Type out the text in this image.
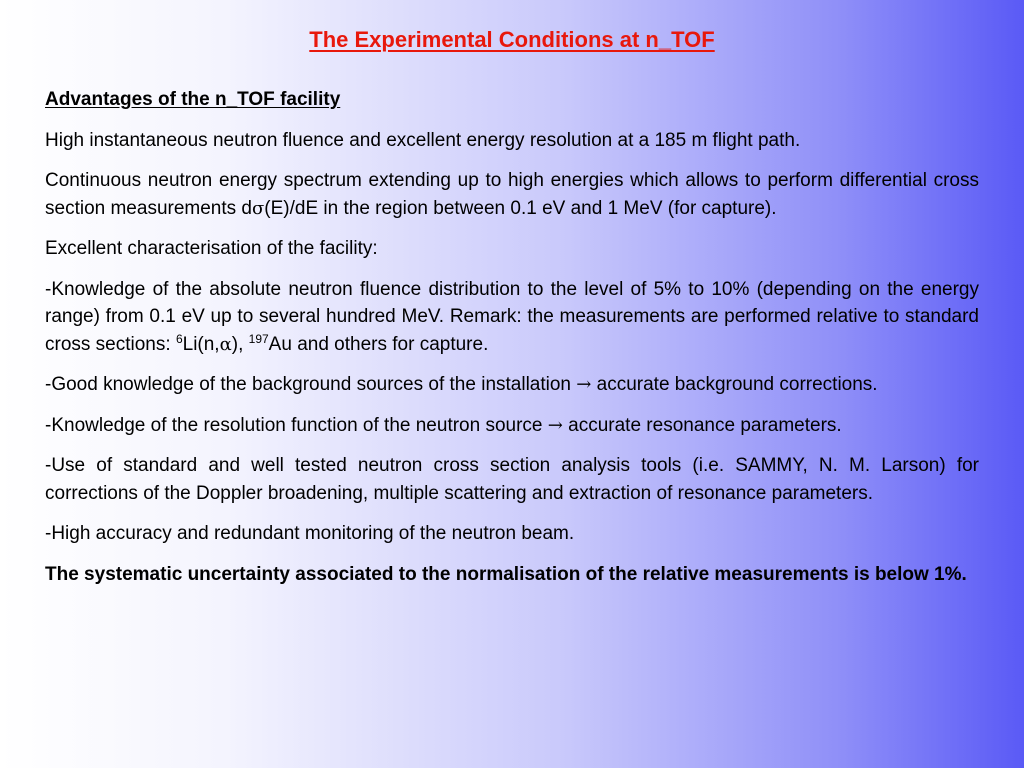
The Experimental Conditions at n_TOF

Advantages of the n_TOF facility

High instantaneous neutron fluence and excellent energy resolution at a 185 m flight path.

Continuous neutron energy spectrum extending up to high energies which allows to perform differential cross section measurements dσ(E)/dE in the region between 0.1 eV and 1 MeV (for capture).

Excellent characterisation of the facility:

-Knowledge of the absolute neutron fluence distribution to the level of 5% to 10% (depending on the energy range) from 0.1 eV up to several hundred MeV. Remark: the measurements are performed relative to standard cross sections: $^6$Li(n,α), $^{197}$Au and others for capture.

-Good knowledge of the background sources of the installation → accurate background corrections.

-Knowledge of the resolution function of the neutron source → accurate resonance parameters.

-Use of standard and well tested neutron cross section analysis tools (i.e. SAMMY, N. M. Larson) for corrections of the Doppler broadening, multiple scattering and extraction of resonance parameters.

-High accuracy and redundant monitoring of the neutron beam.

The systematic uncertainty associated to the normalisation of the relative measurements is below 1%.
